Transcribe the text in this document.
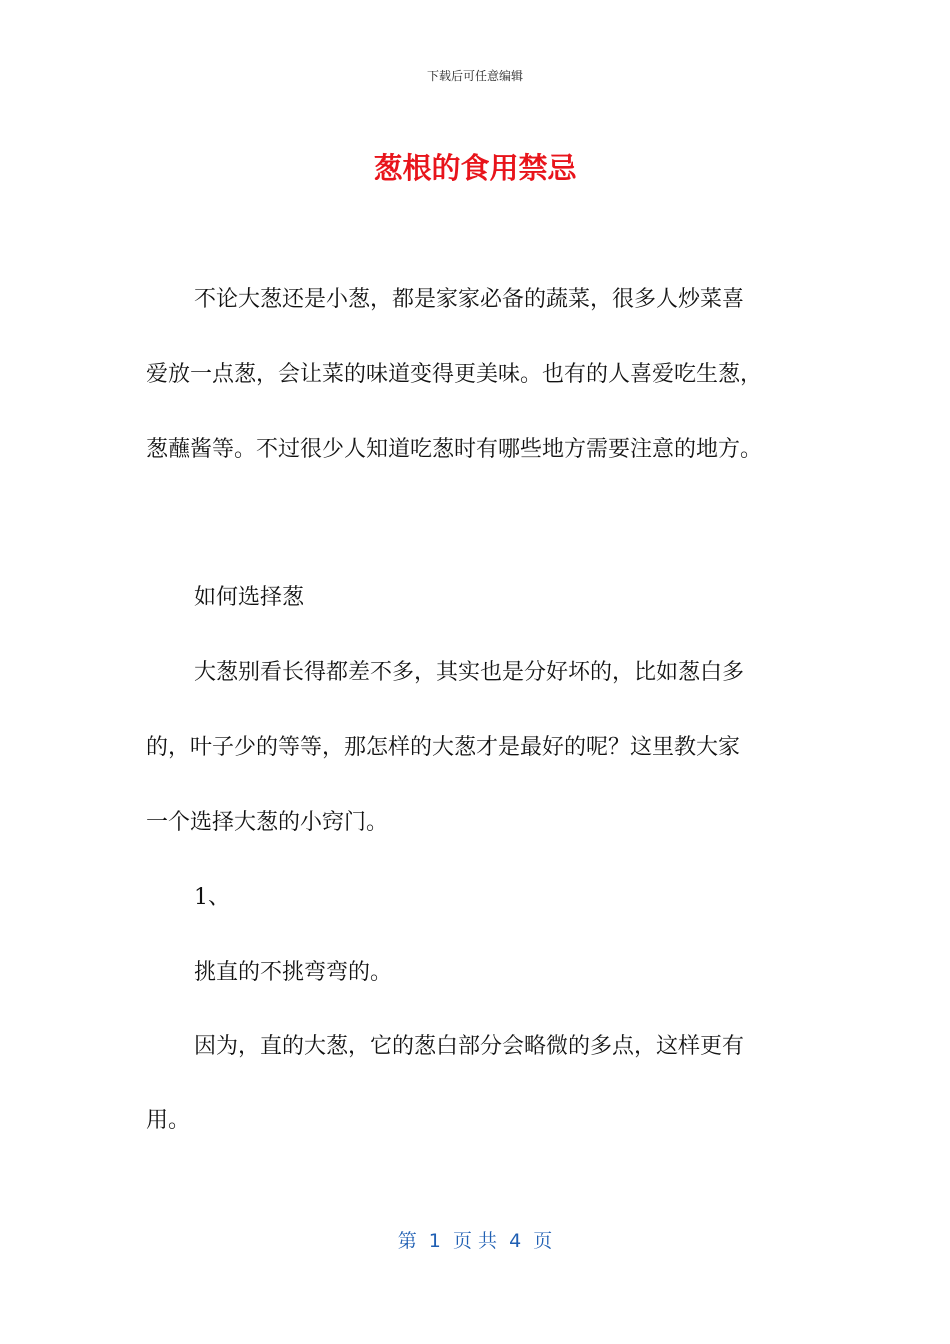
下载后可任意编辑
葱根的食用禁忌
不论大葱还是小葱，都是家家必备的蔬菜，很多人炒菜喜
爱放一点葱，会让菜的味道变得更美味。也有的人喜爱吃生葱，
葱蘸酱等。不过很少人知道吃葱时有哪些地方需要注意的地方。
如何选择葱
大葱别看长得都差不多，其实也是分好坏的，比如葱白多
的，叶子少的等等，那怎样的大葱才是最好的呢？这里教大家
一个选择大葱的小窍门。
1、
挑直的不挑弯弯的。
因为，直的大葱，它的葱白部分会略微的多点，这样更有
用。
第  1  页 共  4  页
